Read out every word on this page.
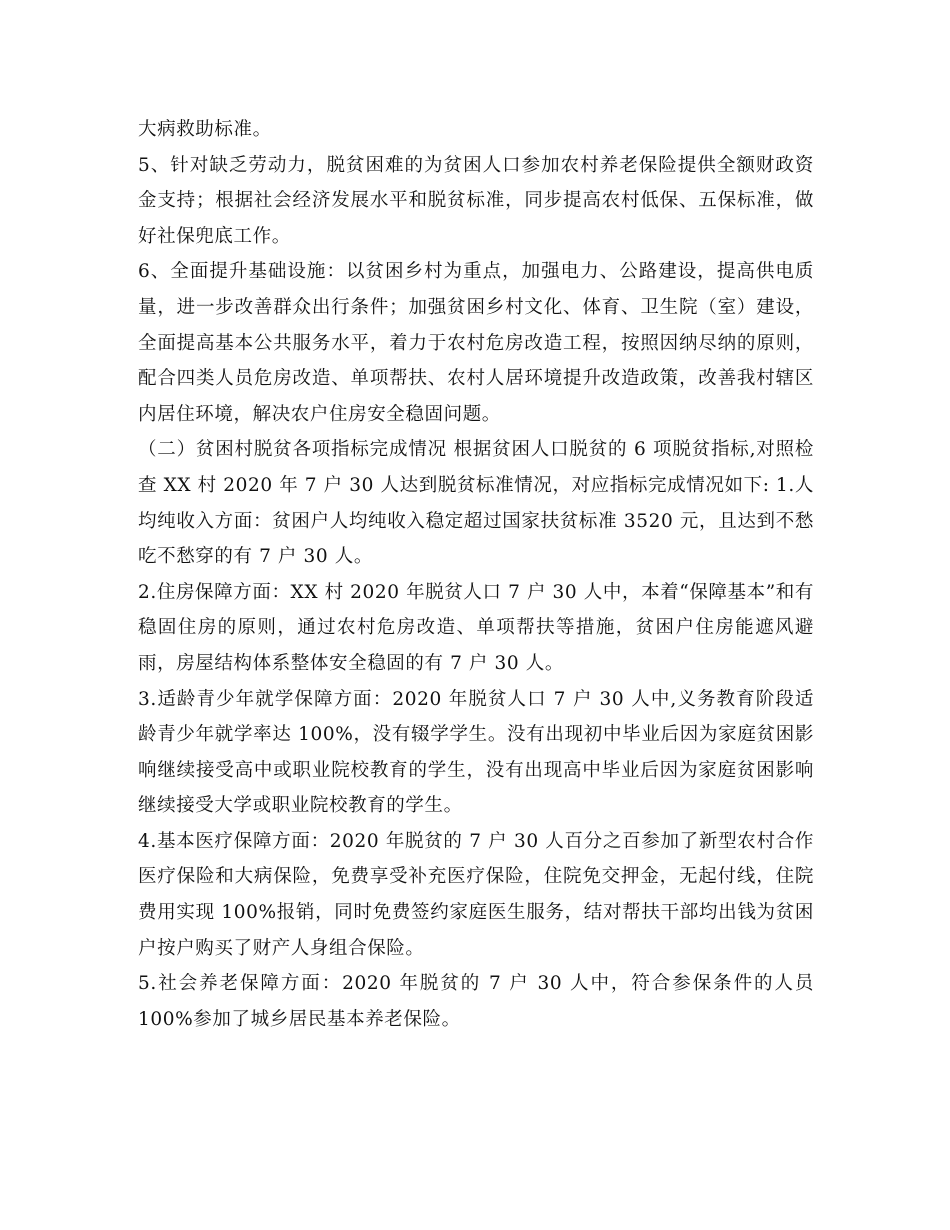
大病救助标准。

5、针对缺乏劳动力，脱贫困难的为贫困人口参加农村养老保险提供全额财政资金支持；根据社会经济发展水平和脱贫标准，同步提高农村低保、五保标准，做好社保兜底工作。

6、全面提升基础设施：以贫困乡村为重点，加强电力、公路建设，提高供电质量，进一步改善群众出行条件；加强贫困乡村文化、体育、卫生院（室）建设，全面提高基本公共服务水平，着力于农村危房改造工程，按照因纳尽纳的原则，配合四类人员危房改造、单项帮扶、农村人居环境提升改造政策，改善我村辖区内居住环境，解决农户住房安全稳固问题。

（二）贫困村脱贫各项指标完成情况 根据贫困人口脱贫的 6 项脱贫指标,对照检查 XX 村 2020 年 7 户 30 人达到脱贫标准情况，对应指标完成情况如下: 1.人均纯收入方面：贫困户人均纯收入稳定超过国家扶贫标准 3520 元，且达到不愁吃不愁穿的有 7 户 30 人。

2.住房保障方面：XX 村 2020 年脱贫人口 7 户 30 人中，本着“保障基本”和有稳固住房的原则，通过农村危房改造、单项帮扶等措施，贫困户住房能遮风避雨，房屋结构体系整体安全稳固的有 7 户 30 人。

3.适龄青少年就学保障方面：2020 年脱贫人口 7 户 30 人中,义务教育阶段适龄青少年就学率达 100%，没有辍学学生。没有出现初中毕业后因为家庭贫困影响继续接受高中或职业院校教育的学生，没有出现高中毕业后因为家庭贫困影响继续接受大学或职业院校教育的学生。

4.基本医疗保障方面：2020 年脱贫的 7 户 30 人百分之百参加了新型农村合作医疗保险和大病保险，免费享受补充医疗保险，住院免交押金，无起付线，住院费用实现 100%报销，同时免费签约家庭医生服务，结对帮扶干部均出钱为贫困户按户购买了财产人身组合保险。

5.社会养老保障方面：2020 年脱贫的 7 户 30 人中，符合参保条件的人员 100%参加了城乡居民基本养老保险。
